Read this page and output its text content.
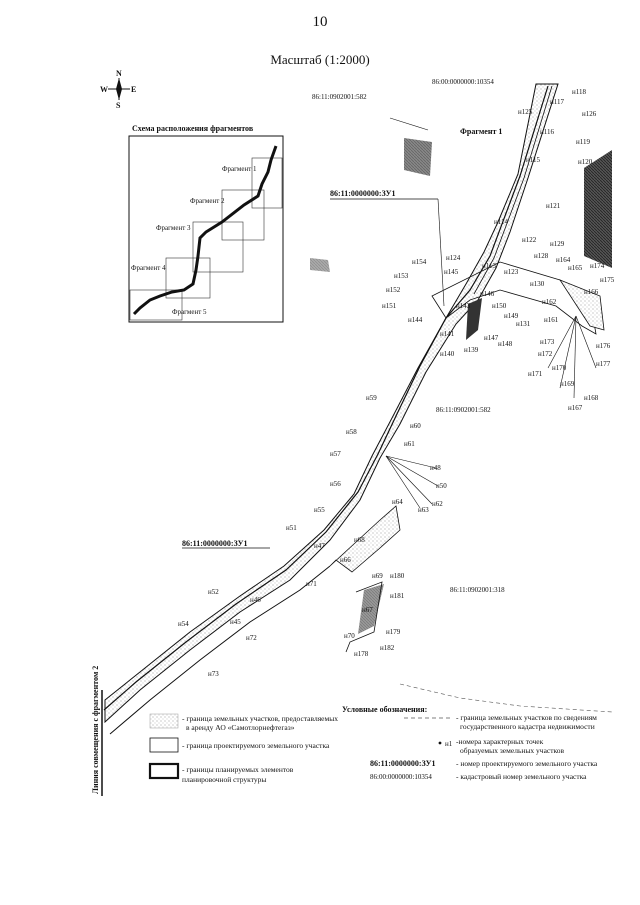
10
Масштаб (1:2000)
N
S
W	E
Схема расположения фрагментов
Фрагмент 1
Фрагмент 2
Фрагмент 3
Фрагмент 4
Фрагмент 5
Фрагмент 1
86:11:0902001:582
86:00:0000000:10354
86:11:0000000:ЗУ1
86:11:0902001:582
86:11:0000000:ЗУ1
86:11:0902001:318
н118
н117
н125	н126
н116
н119
н120
н115
н121
н114
н122 н129
н128 н164
н165 н174
н175
н124
н154
н153	н145
н113
н123
н130
н166
н152	н146
н162
н151	н143	н150
н149
н131 н161
н144
н147	н173	н176
н141
н148
н172
н177
н140 н139
н170
н171
н169
н168
н167
н59
н60
н58
н61
н57
н48
н56	н50
н64	н62
н55	н63
н51
н68
н47
н66
н69 н180
н71
н52
н46	н181
н45
н54
н67
н72
н179
н70
н182
н178
н73
Линия совмещения с фрагментом 2	Условные обозначения:
- граница земельных участков, предоставляемых
в аренду АО «Самотлорнефтегаз»
- граница проектируемого земельного участка
- границы планируемых элементов
планировочной структуры
- граница земельных участков по сведениям
государственного кадастра недвижимости
н1 -номера характерных точек
образуемых земельных участков
86:11:0000000:ЗУ1	- номер проектируемого земельного участка
86:00:0000000:10354	- кадастровый номер земельного участка
